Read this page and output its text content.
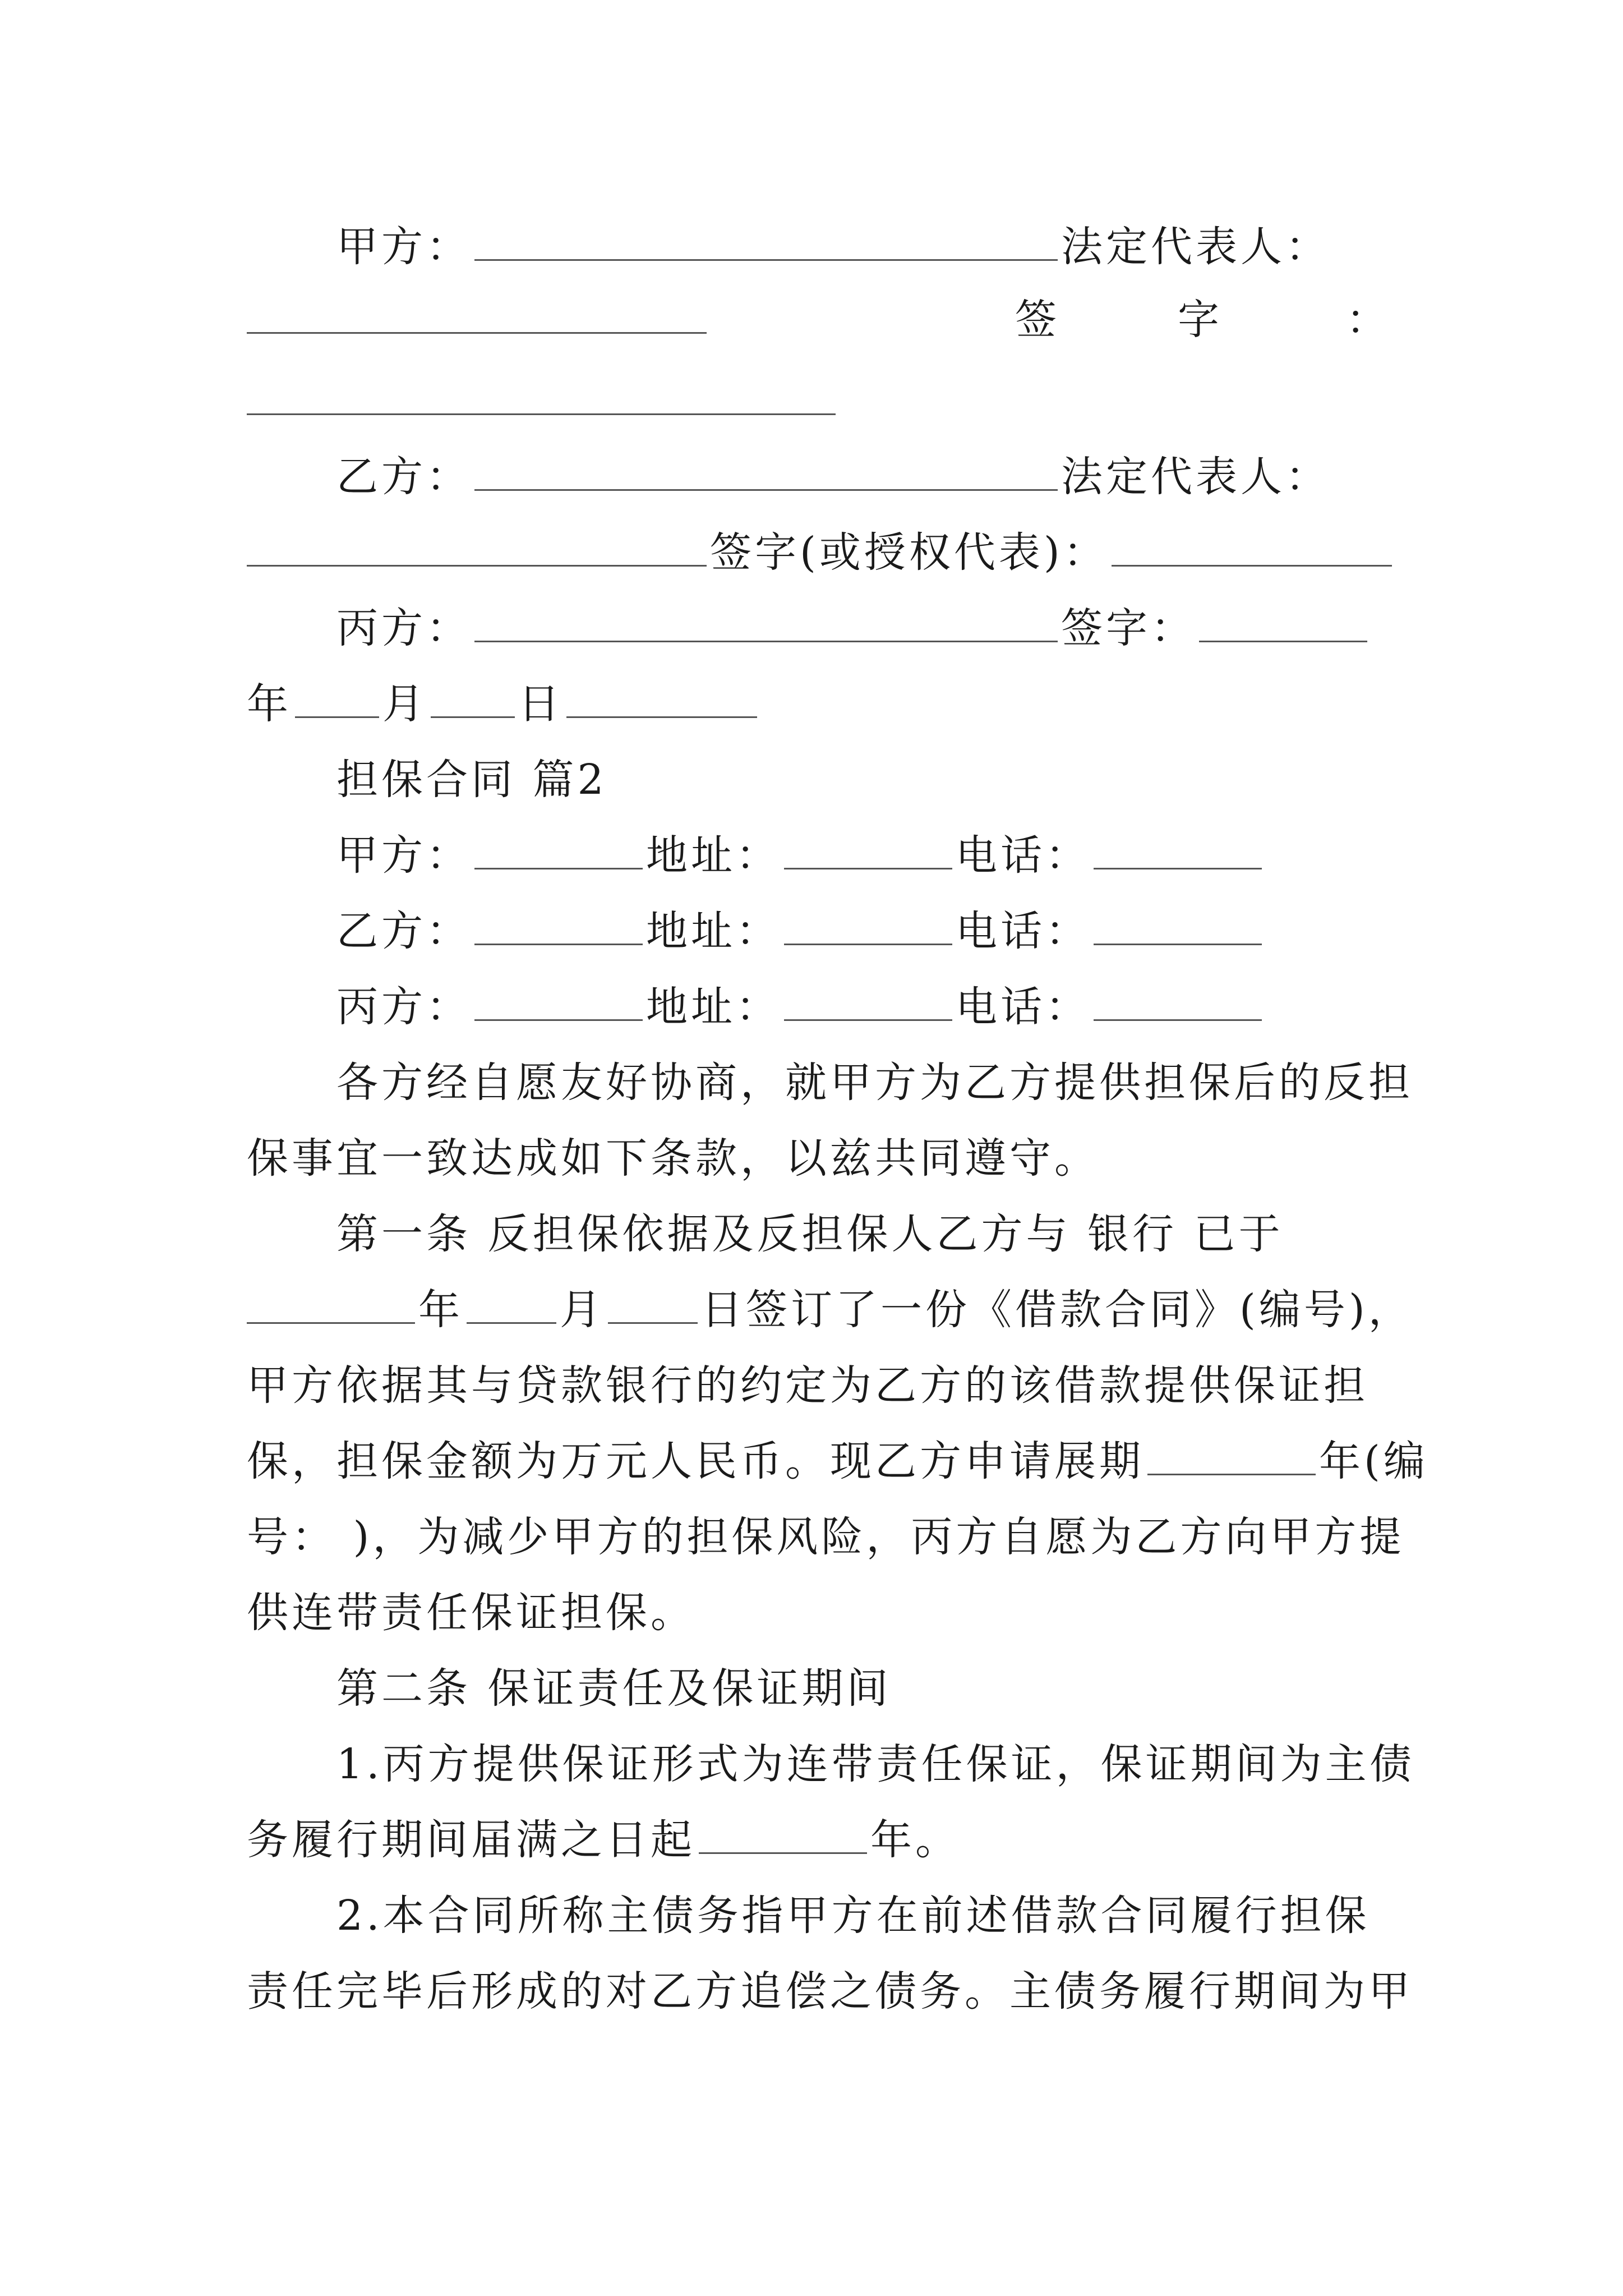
甲方：	法定代表人：
签	字	：
乙方：	法定代表人：
签字(或授权代表)：
丙方：	签字：
年 月 日
担保合同 篇2
甲方：	地址：	电话：
乙方：	地址：	电话：
丙方：	地址：	电话：
各方经自愿友好协商，就甲方为乙方提供担保后的反担
保事宜一致达成如下条款，以兹共同遵守。
第一条 反担保依据及反担保人乙方与 银行 已于
年 月 日签订了一份《借款合同》(编号)，
甲方依据其与贷款银行的约定为乙方的该借款提供保证担
保，担保金额为万元人民币。现乙方申请展期	年(编
号： )，为减少甲方的担保风险，丙方自愿为乙方向甲方提
供连带责任保证担保。
第二条 保证责任及保证期间
1.丙方提供保证形式为连带责任保证，保证期间为主债
务履行期间届满之日起	年。
2.本合同所称主债务指甲方在前述借款合同履行担保
责任完毕后形成的对乙方追偿之债务。主债务履行期间为甲
